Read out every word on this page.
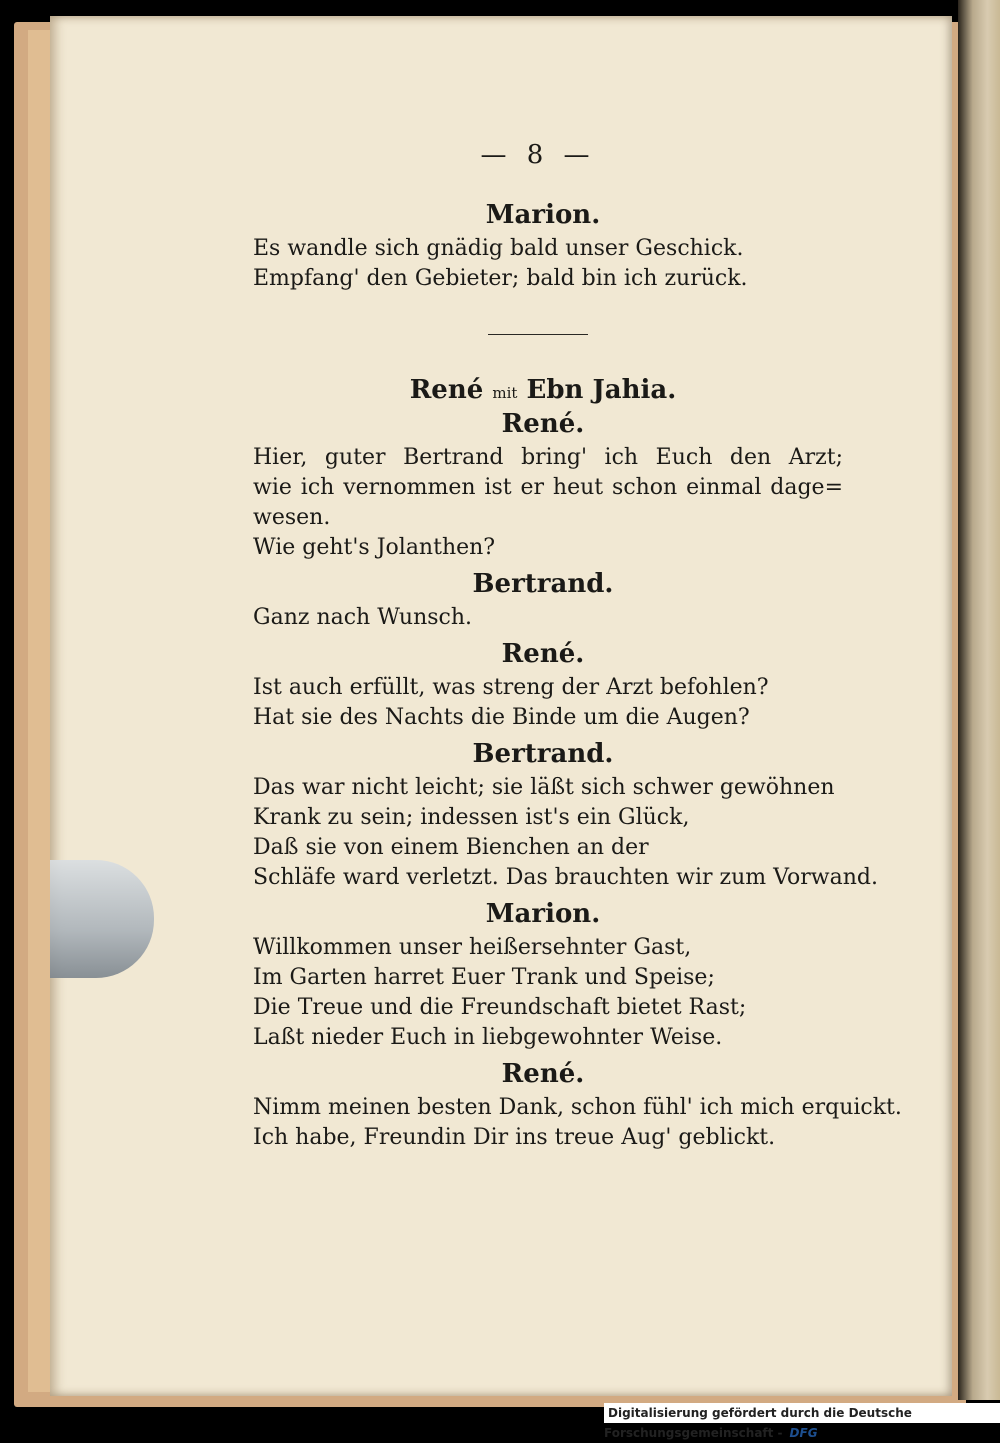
— 8 —
Marion.
Es wandle sich gnädig bald unser Geschick.
Empfang' den Gebieter; bald bin ich zurück.
René mit Ebn Jahia.
René.
Hier, guter Bertrand bring' ich Euch den Arzt;
wie ich vernommen ist er heut schon einmal dage=
wesen.
Wie geht's Jolanthen?
Bertrand.
Ganz nach Wunsch.
René.
Ist auch erfüllt, was streng der Arzt befohlen?
Hat sie des Nachts die Binde um die Augen?
Bertrand.
Das war nicht leicht; sie läßt sich schwer gewöhnen
Krank zu sein; indessen ist's ein Glück,
Daß sie von einem Bienchen an der
Schläfe ward verletzt. Das brauchten wir zum Vorwand.
Marion.
Willkommen unser heißersehnter Gast,
Im Garten harret Euer Trank und Speise;
Die Treue und die Freundschaft bietet Rast;
Laßt nieder Euch in liebgewohnter Weise.
René.
Nimm meinen besten Dank, schon fühl' ich mich erquickt.
Ich habe, Freundin Dir ins treue Aug' geblickt.
Digitalisierung gefördert durch die Deutsche Forschungsgemeinschaft - DFG
